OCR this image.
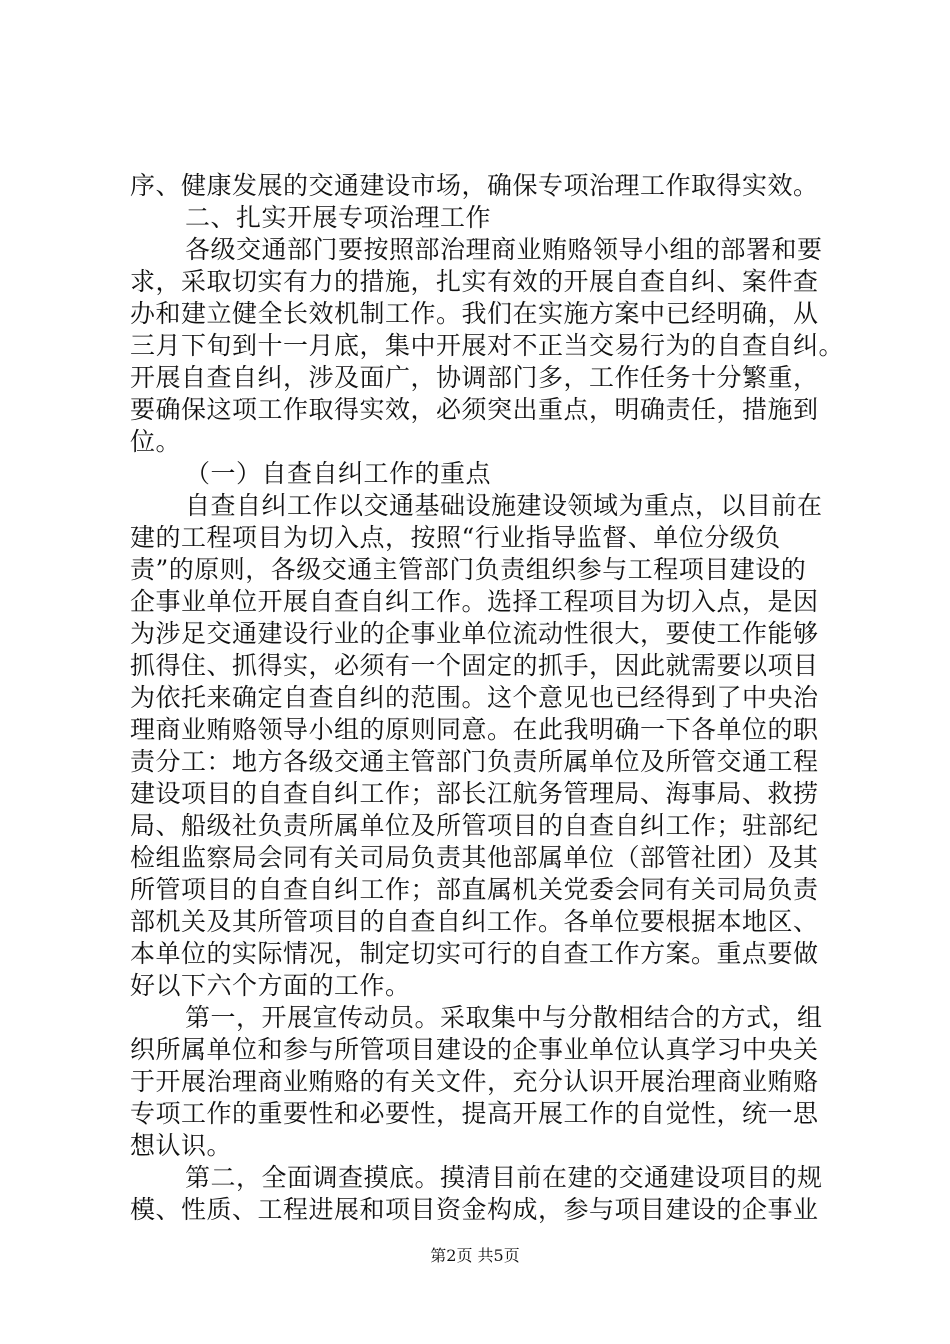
序、健康发展的交通建设市场，确保专项治理工作取得实效。
二、扎实开展专项治理工作
各级交通部门要按照部治理商业贿赂领导小组的部署和要
求，采取切实有力的措施，扎实有效的开展自查自纠、案件查
办和建立健全长效机制工作。我们在实施方案中已经明确，从
三月下旬到十一月底，集中开展对不正当交易行为的自查自纠。
开展自查自纠，涉及面广，协调部门多，工作任务十分繁重，
要确保这项工作取得实效，必须突出重点，明确责任，措施到
位。
（一）自查自纠工作的重点
自查自纠工作以交通基础设施建设领域为重点，以目前在
建的工程项目为切入点，按照“行业指导监督、单位分级负
责”的原则，各级交通主管部门负责组织参与工程项目建设的
企事业单位开展自查自纠工作。选择工程项目为切入点，是因
为涉足交通建设行业的企事业单位流动性很大，要使工作能够
抓得住、抓得实，必须有一个固定的抓手，因此就需要以项目
为依托来确定自查自纠的范围。这个意见也已经得到了中央治
理商业贿赂领导小组的原则同意。在此我明确一下各单位的职
责分工：地方各级交通主管部门负责所属单位及所管交通工程
建设项目的自查自纠工作；部长江航务管理局、海事局、救捞
局、船级社负责所属单位及所管项目的自查自纠工作；驻部纪
检组监察局会同有关司局负责其他部属单位（部管社团）及其
所管项目的自查自纠工作；部直属机关党委会同有关司局负责
部机关及其所管项目的自查自纠工作。各单位要根据本地区、
本单位的实际情况，制定切实可行的自查工作方案。重点要做
好以下六个方面的工作。
第一，开展宣传动员。采取集中与分散相结合的方式，组
织所属单位和参与所管项目建设的企事业单位认真学习中央关
于开展治理商业贿赂的有关文件，充分认识开展治理商业贿赂
专项工作的重要性和必要性，提高开展工作的自觉性，统一思
想认识。
第二，全面调查摸底。摸清目前在建的交通建设项目的规
模、性质、工程进展和项目资金构成，参与项目建设的企事业
第2页 共5页
